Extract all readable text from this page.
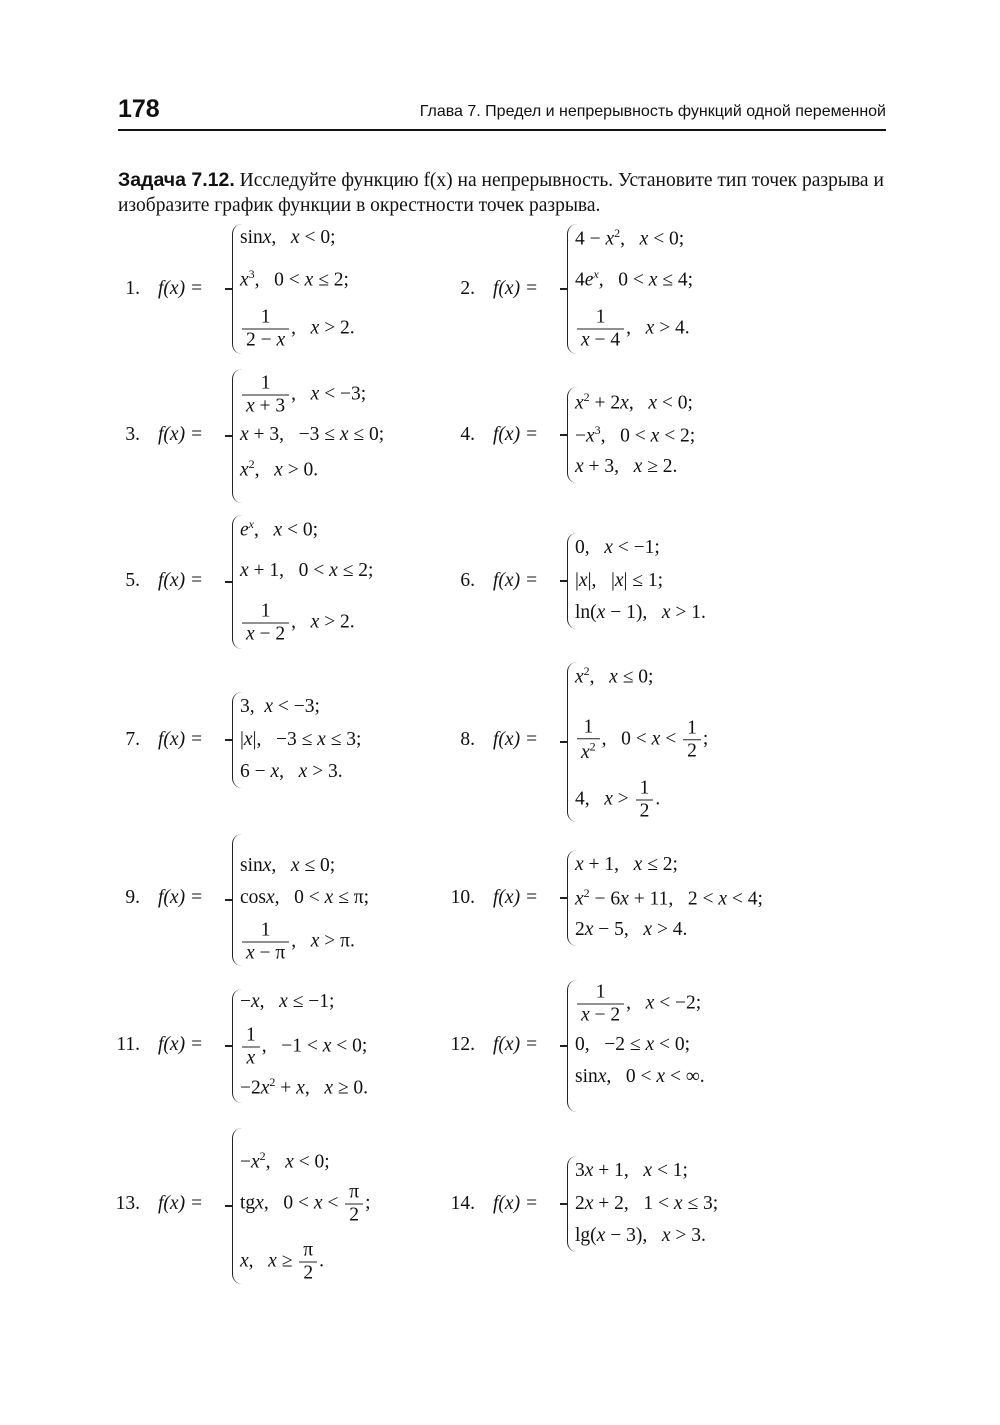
178	Глава 7. Предел и непрерывность функций одной переменной
Задача 7.12. Исследуйте функцию f(x) на непрерывность. Установите тип точек разрыва и изобразите график функции в окрестности точек разрыва.
1. f(x) =
sinx,   x < 0;
$x^3$,   0 < x ≤ 2;
$\frac{1}{2 - x}$ ,   x > 2.
2. f(x) =
$4 - x^2$,   x < 0;
$4e^x$,   0 < x ≤ 4;
$\frac{1}{x - 4}$ ,   x > 4.
3. f(x) =
$\frac{1}{x + 3}$ ,   x < −3;
x + 3,   −3 ≤ x ≤ 0;
$x^2$,   x > 0.
4. f(x) =
$x^2 + 2x$,   x < 0;
$-x^3$,   0 < x < 2;
x + 3,   x ≥ 2.
5. f(x) =
$e^x$,   x < 0;
x + 1,   0 < x ≤ 2;
$\frac{1}{x - 2}$ ,   x > 2.
6. f(x) =
0,   x < −1;
|x|,   |x| ≤ 1;
ln(x − 1),   x > 1.
7. f(x) =
3,  x < −3;
|x|,   −3 ≤ x ≤ 3;
6 − x,   x > 3.
8. f(x) =
$x^2$,   x ≤ 0;
$\frac{1}{x^2}$ ,   $0 < x < \frac{1}{2}$ ;
4,   $x > \frac{1}{2}$ .
9. f(x) =
sinx,   x ≤ 0;
cosx,   0 < x ≤ π;
$\frac{1}{x - \pi}$ ,   x > π.
10. f(x) =
x + 1,   x ≤ 2;
$x^2 - 6x + 11$,   2 < x < 4;
2x − 5,   x > 4.
11. f(x) =
−x,   x ≤ −1;
$\frac{1}{x}$ ,   −1 < x < 0;
$-2x^2 + x$,   x ≥ 0.
12. f(x) =
$\frac{1}{x - 2}$ ,   x < −2;
0,   −2 ≤ x < 0;
sinx,   0 < x < ∞.
13. f(x) =
$-x^2$,   x < 0;
tgx,   $0 < x < \frac{\pi}{2}$ ;
x,   $x \ge \frac{\pi}{2}$ .
14. f(x) =
3x + 1,   x < 1;
2x + 2,   1 < x ≤ 3;
lg(x − 3),   x > 3.
